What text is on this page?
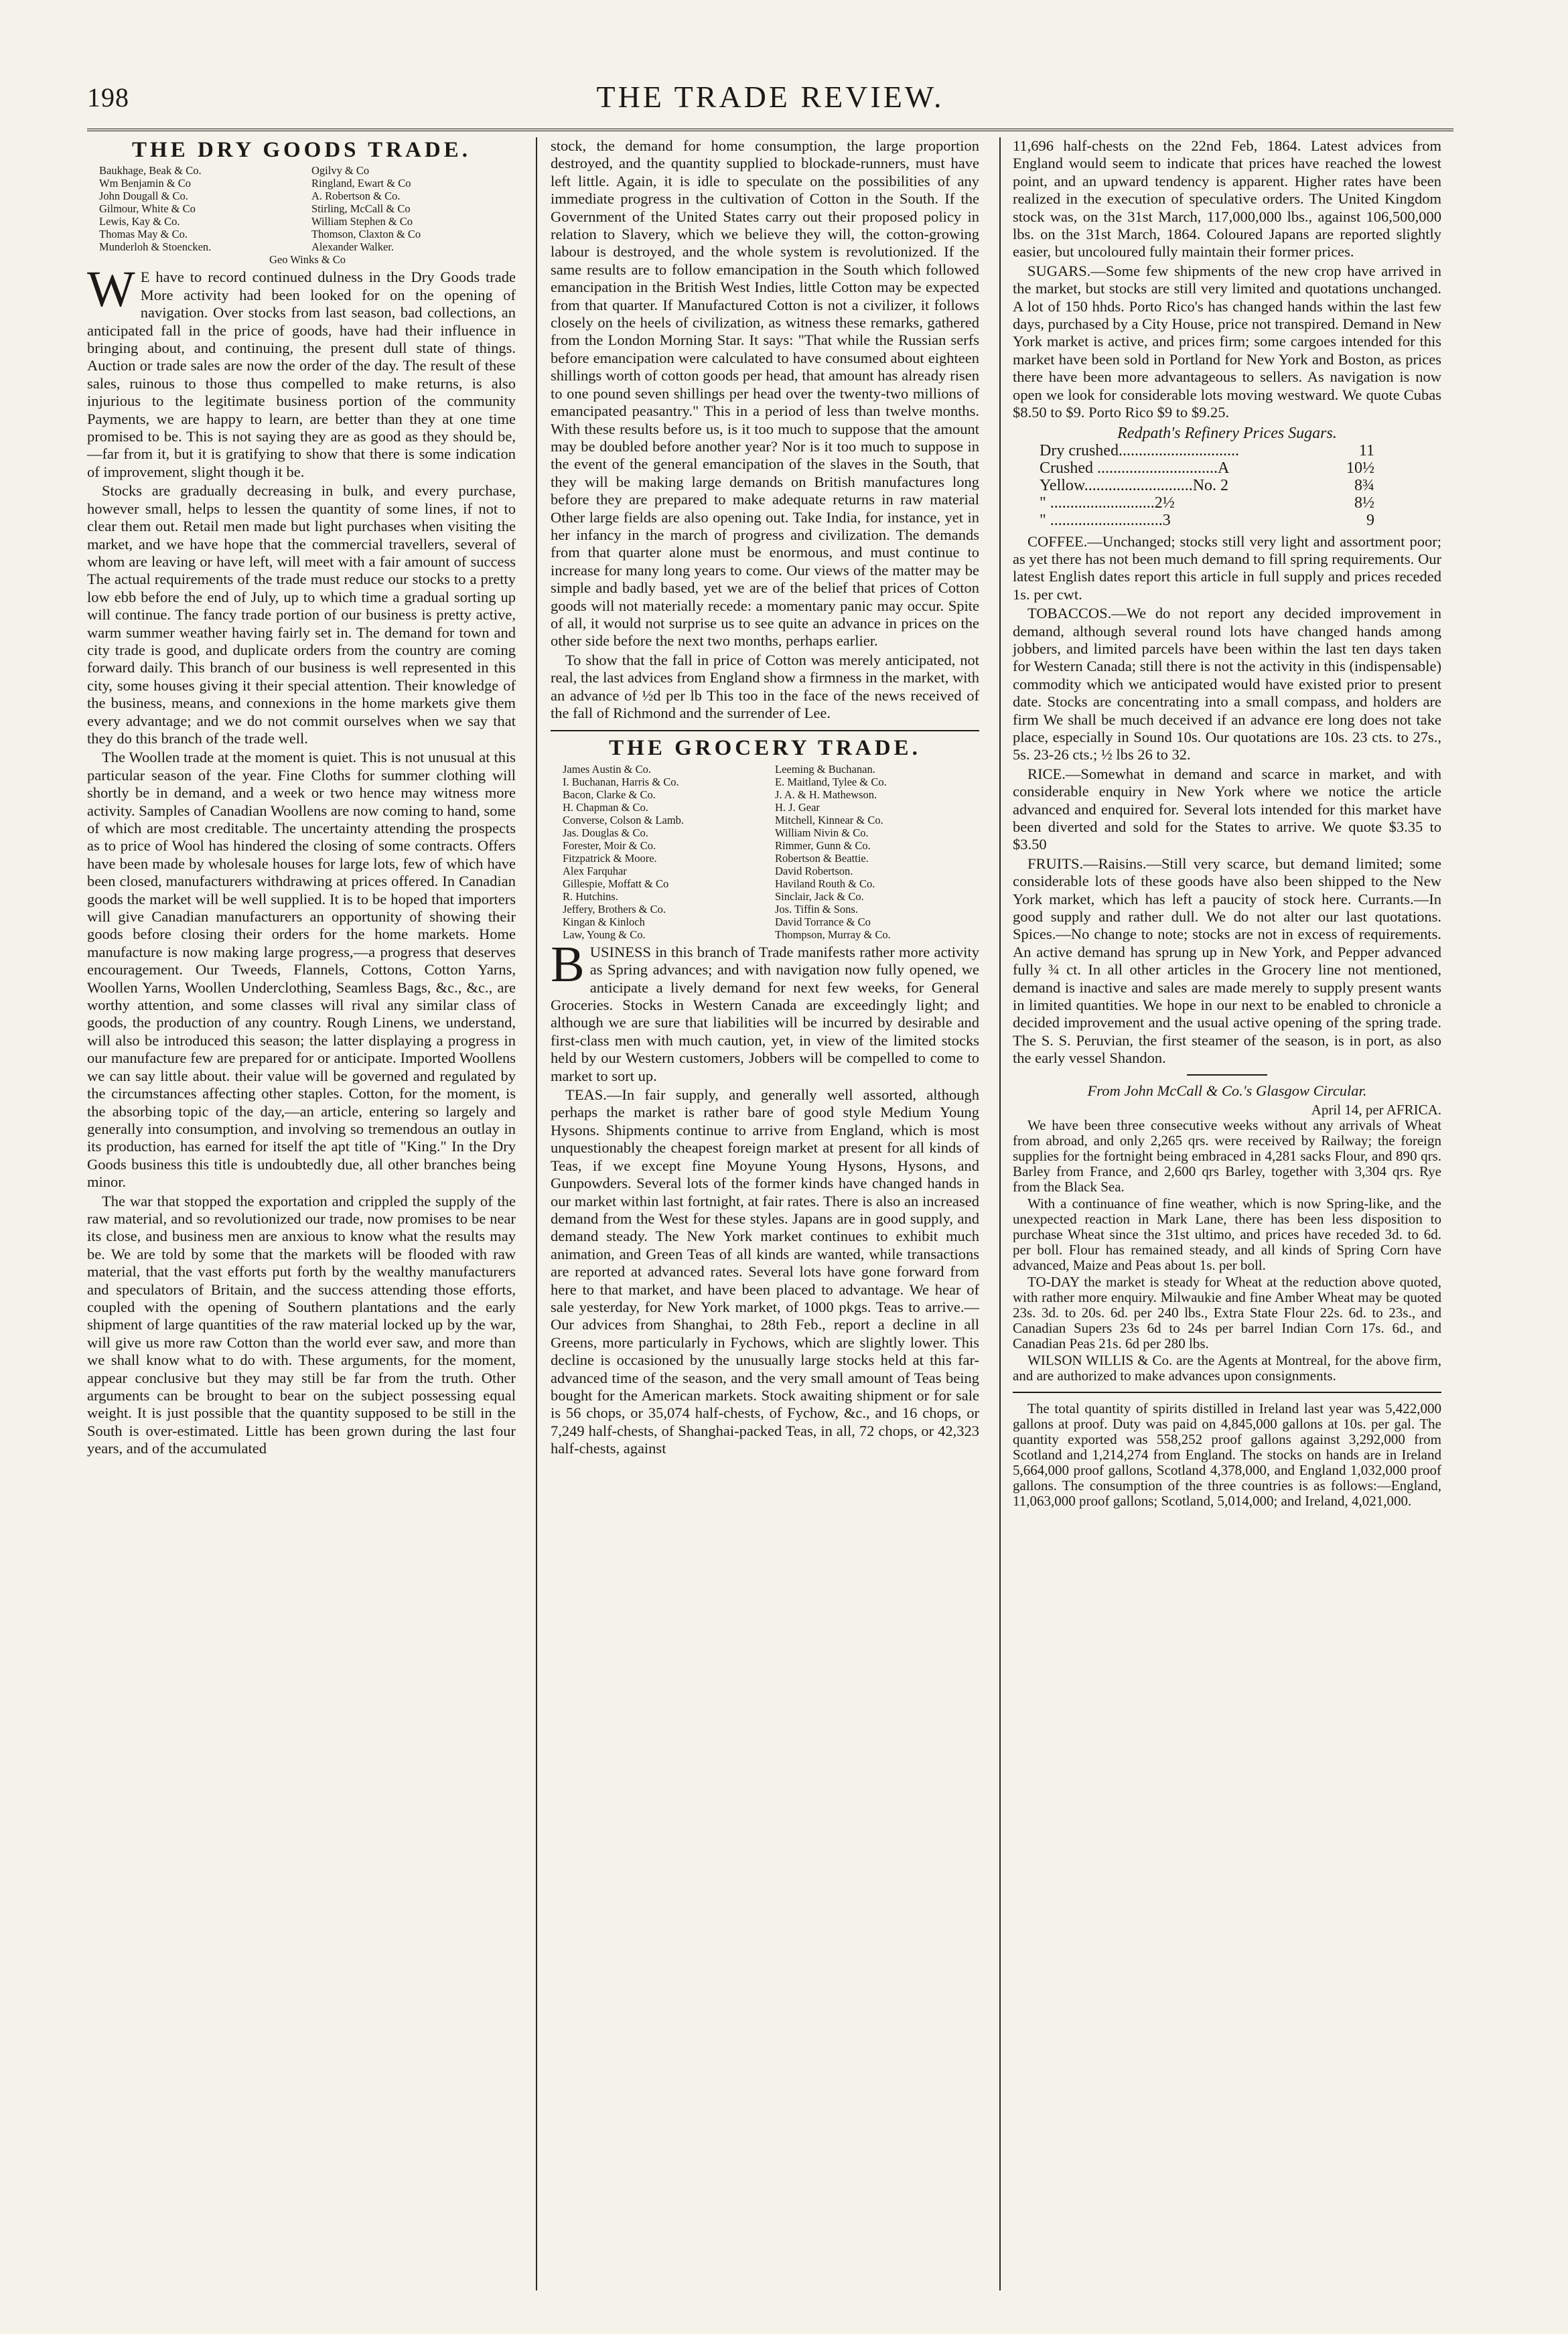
198	THE TRADE REVIEW.
THE DRY GOODS TRADE.
Baukhage, Beak & Co.	Ogilvy & Co
Wm Benjamin & Co	Ringland, Ewart & Co
John Dougall & Co.	A. Robertson & Co.
Gilmour, White & Co	Stirling, McCall & Co
Lewis, Kay & Co.	William Stephen & Co
Thomas May & Co.	Thomson, Claxton & Co
Munderloh & Stoencken.	Alexander Walker.
Geo Winks & Co

W E have to record continued dulness in the Dry Goods trade More activity had been looked for on the opening of navigation. Over stocks from last season, bad collections, an anticipated fall in the price of goods, have had their influence in bringing about, and continuing, the present dull state of things. Auction or trade sales are now the order of the day. The result of these sales, ruinous to those thus compelled to make returns, is also injurious to the legitimate business portion of the community Payments, we are happy to learn, are better than they at one time promised to be. This is not saying they are as good as they should be,—far from it, but it is gratifying to show that there is some indication of improvement, slight though it be.

Stocks are gradually decreasing in bulk, and every purchase, however small, helps to lessen the quantity of some lines, if not to clear them out. Retail men made but light purchases when visiting the market, and we have hope that the commercial travellers, several of whom are leaving or have left, will meet with a fair amount of success The actual requirements of the trade must reduce our stocks to a pretty low ebb before the end of July, up to which time a gradual sorting up will continue. The fancy trade portion of our business is pretty active, warm summer weather having fairly set in. The demand for town and city trade is good, and duplicate orders from the country are coming forward daily. This branch of our business is well represented in this city, some houses giving it their special attention. Their knowledge of the business, means, and connexions in the home markets give them every advantage; and we do not commit ourselves when we say that they do this branch of the trade well.

The Woollen trade at the moment is quiet. This is not unusual at this particular season of the year. Fine Cloths for summer clothing will shortly be in demand, and a week or two hence may witness more activity. Samples of Canadian Woollens are now coming to hand, some of which are most creditable. The uncertainty attending the prospects as to price of Wool has hindered the closing of some contracts. Offers have been made by wholesale houses for large lots, few of which have been closed, manufacturers withdrawing at prices offered. In Canadian goods the market will be well supplied. It is to be hoped that importers will give Canadian manufacturers an opportunity of showing their goods before closing their orders for the home markets. Home manufacture is now making large progress,—a progress that deserves encouragement. Our Tweeds, Flannels, Cottons, Cotton Yarns, Woollen Yarns, Woollen Underclothing, Seamless Bags, &c., &c., are worthy attention, and some classes will rival any similar class of goods, the production of any country. Rough Linens, we understand, will also be introduced this season; the latter displaying a progress in our manufacture few are prepared for or anticipate. Imported Woollens we can say little about. their value will be governed and regulated by the circumstances affecting other staples. Cotton, for the moment, is the absorbing topic of the day,—an article, entering so largely and generally into consumption, and involving so tremendous an outlay in its production, has earned for itself the apt title of "King." In the Dry Goods business this title is undoubtedly due, all other branches being minor.

The war that stopped the exportation and crippled the supply of the raw material, and so revolutionized our trade, now promises to be near its close, and business men are anxious to know what the results may be. We are told by some that the markets will be flooded with raw material, that the vast efforts put forth by the wealthy manufacturers and speculators of Britain, and the success attending those efforts, coupled with the opening of Southern plantations and the early shipment of large quantities of the raw material locked up by the war, will give us more raw Cotton than the world ever saw, and more than we shall know what to do with. These arguments, for the moment, appear conclusive but they may still be far from the truth. Other arguments can be brought to bear on the subject possessing equal weight. It is just possible that the quantity supposed to be still in the South is over-estimated. Little has been grown during the last four years, and of the accumulated

stock, the demand for home consumption, the large proportion destroyed, and the quantity supplied to blockade-runners, must have left little. Again, it is idle to speculate on the possibilities of any immediate progress in the cultivation of Cotton in the South. If the Government of the United States carry out their proposed policy in relation to Slavery, which we believe they will, the cotton-growing labour is destroyed, and the whole system is revolutionized. If the same results are to follow emancipation in the South which followed emancipation in the British West Indies, little Cotton may be expected from that quarter. If Manufactured Cotton is not a civilizer, it follows closely on the heels of civilization, as witness these remarks, gathered from the London Morning Star. It says: "That while the Russian serfs before emancipation were calculated to have consumed about eighteen shillings worth of cotton goods per head, that amount has already risen to one pound seven shillings per head over the twenty-two millions of emancipated peasantry." This in a period of less than twelve months. With these results before us, is it too much to suppose that the amount may be doubled before another year? Nor is it too much to suppose in the event of the general emancipation of the slaves in the South, that they will be making large demands on British manufactures long before they are prepared to make adequate returns in raw material Other large fields are also opening out. Take India, for instance, yet in her infancy in the march of progress and civilization. The demands from that quarter alone must be enormous, and must continue to increase for many long years to come. Our views of the matter may be simple and badly based, yet we are of the belief that prices of Cotton goods will not materially recede: a momentary panic may occur. Spite of all, it would not surprise us to see quite an advance in prices on the other side before the next two months, perhaps earlier.

To show that the fall in price of Cotton was merely anticipated, not real, the last advices from England show a firmness in the market, with an advance of ½d per lb This too in the face of the news received of the fall of Richmond and the surrender of Lee.

THE GROCERY TRADE.
James Austin & Co.	Leeming & Buchanan.
I. Buchanan, Harris & Co.	E. Maitland, Tylee & Co.
Bacon, Clarke & Co.	J. A. & H. Mathewson.
H. Chapman & Co.	H. J. Gear
Converse, Colson & Lamb.	Mitchell, Kinnear & Co.
Jas. Douglas & Co.	William Nivin & Co.
Forester, Moir & Co.	Rimmer, Gunn & Co.
Fitzpatrick & Moore.	Robertson & Beattie.
Alex Farquhar	David Robertson.
Gillespie, Moffatt & Co	Haviland Routh & Co.
R. Hutchins.	Sinclair, Jack & Co.
Jeffery, Brothers & Co.	Jos. Tiffin & Sons.
Kingan & Kinloch	David Torrance & Co
Law, Young & Co.	Thompson, Murray & Co.

BUSINESS in this branch of Trade manifests rather more activity as Spring advances; and with navigation now fully opened, we anticipate a lively demand for next few weeks, for General Groceries. Stocks in Western Canada are exceedingly light; and although we are sure that liabilities will be incurred by desirable and first-class men with much caution, yet, in view of the limited stocks held by our Western customers, Jobbers will be compelled to come to market to sort up.

TEAS.—In fair supply, and generally well assorted, although perhaps the market is rather bare of good style Medium Young Hysons. Shipments continue to arrive from England, which is most unquestionably the cheapest foreign market at present for all kinds of Teas, if we except fine Moyune Young Hysons, Hysons, and Gunpowders. Several lots of the former kinds have changed hands in our market within last fortnight, at fair rates. There is also an increased demand from the West for these styles. Japans are in good supply, and demand steady. The New York market continues to exhibit much animation, and Green Teas of all kinds are wanted, while transactions are reported at advanced rates. Several lots have gone forward from here to that market, and have been placed to advantage. We hear of sale yesterday, for New York market, of 1000 pkgs. Teas to arrive.—Our advices from Shanghai, to 28th Feb., report a decline in all Greens, more particularly in Fychows, which are slightly lower. This decline is occasioned by the unusually large stocks held at this far-advanced time of the season, and the very small amount of Teas being bought for the American markets. Stock awaiting shipment or for sale is 56 chops, or 35,074 half-chests, of Fychow, &c., and 16 chops, or 7,249 half-chests, of Shanghai-packed Teas, in all, 72 chops, or 42,323 half-chests, against

11,696 half-chests on the 22nd Feb, 1864. Latest advices from England would seem to indicate that prices have reached the lowest point, and an upward tendency is apparent. Higher rates have been realized in the execution of speculative orders. The United Kingdom stock was, on the 31st March, 117,000,000 lbs., against 106,500,000 lbs. on the 31st March, 1864. Coloured Japans are reported slightly easier, but uncoloured fully maintain their former prices.

SUGARS.—Some few shipments of the new crop have arrived in the market, but stocks are still very limited and quotations unchanged. A lot of 150 hhds. Porto Rico's has changed hands within the last few days, purchased by a City House, price not transpired. Demand in New York market is active, and prices firm; some cargoes intended for this market have been sold in Portland for New York and Boston, as prices there have been more advantageous to sellers. As navigation is now open we look for considerable lots moving westward. We quote Cubas $8.50 to $9. Porto Rico $9 to $9.25.

Redpath's Refinery Prices Sugars.
Dry crushed..............................	11
Crushed ..............................A	10½
Yellow...........................No. 2	8¾
" ..........................2½	8½
" ............................3	9

COFFEE.—Unchanged; stocks still very light and assortment poor; as yet there has not been much demand to fill spring requirements. Our latest English dates report this article in full supply and prices receded 1s. per cwt.

TOBACCOS.—We do not report any decided improvement in demand, although several round lots have changed hands among jobbers, and limited parcels have been within the last ten days taken for Western Canada; still there is not the activity in this (indispensable) commodity which we anticipated would have existed prior to present date. Stocks are concentrating into a small compass, and holders are firm We shall be much deceived if an advance ere long does not take place, especially in Sound 10s. Our quotations are 10s. 23 cts. to 27s., 5s. 23-26 cts.; ½ lbs 26 to 32.

RICE.—Somewhat in demand and scarce in market, and with considerable enquiry in New York where we notice the article advanced and enquired for. Several lots intended for this market have been diverted and sold for the States to arrive. We quote $3.35 to $3.50

FRUITS.—Raisins.—Still very scarce, but demand limited; some considerable lots of these goods have also been shipped to the New York market, which has left a paucity of stock here. Currants.—In good supply and rather dull. We do not alter our last quotations. Spices.—No change to note; stocks are not in excess of requirements. An active demand has sprung up in New York, and Pepper advanced fully ¾ ct. In all other articles in the Grocery line not mentioned, demand is inactive and sales are made merely to supply present wants in limited quantities. We hope in our next to be enabled to chronicle a decided improvement and the usual active opening of the spring trade. The S. S. Peruvian, the first steamer of the season, is in port, as also the early vessel Shandon.

From John McCall & Co.'s Glasgow Circular.
April 14, per AFRICA.

We have been three consecutive weeks without any arrivals of Wheat from abroad, and only 2,265 qrs. were received by Railway; the foreign supplies for the fortnight being embraced in 4,281 sacks Flour, and 890 qrs. Barley from France, and 2,600 qrs Barley, together with 3,304 qrs. Rye from the Black Sea.

With a continuance of fine weather, which is now Spring-like, and the unexpected reaction in Mark Lane, there has been less disposition to purchase Wheat since the 31st ultimo, and prices have receded 3d. to 6d. per boll. Flour has remained steady, and all kinds of Spring Corn have advanced, Maize and Peas about 1s. per boll.

TO-DAY the market is steady for Wheat at the reduction above quoted, with rather more enquiry. Milwaukie and fine Amber Wheat may be quoted 23s. 3d. to 20s. 6d. per 240 lbs., Extra State Flour 22s. 6d. to 23s., and Canadian Supers 23s 6d to 24s per barrel Indian Corn 17s. 6d., and Canadian Peas 21s. 6d per 280 lbs.

WILSON WILLIS & Co. are the Agents at Montreal, for the above firm, and are authorized to make advances upon consignments.

The total quantity of spirits distilled in Ireland last year was 5,422,000 gallons at proof. Duty was paid on 4,845,000 gallons at 10s. per gal. The quantity exported was 558,252 proof gallons against 3,292,000 from Scotland and 1,214,274 from England. The stocks on hands are in Ireland 5,664,000 proof gallons, Scotland 4,378,000, and England 1,032,000 proof gallons. The consumption of the three countries is as follows:—England, 11,063,000 proof gallons; Scotland, 5,014,000; and Ireland, 4,021,000.
